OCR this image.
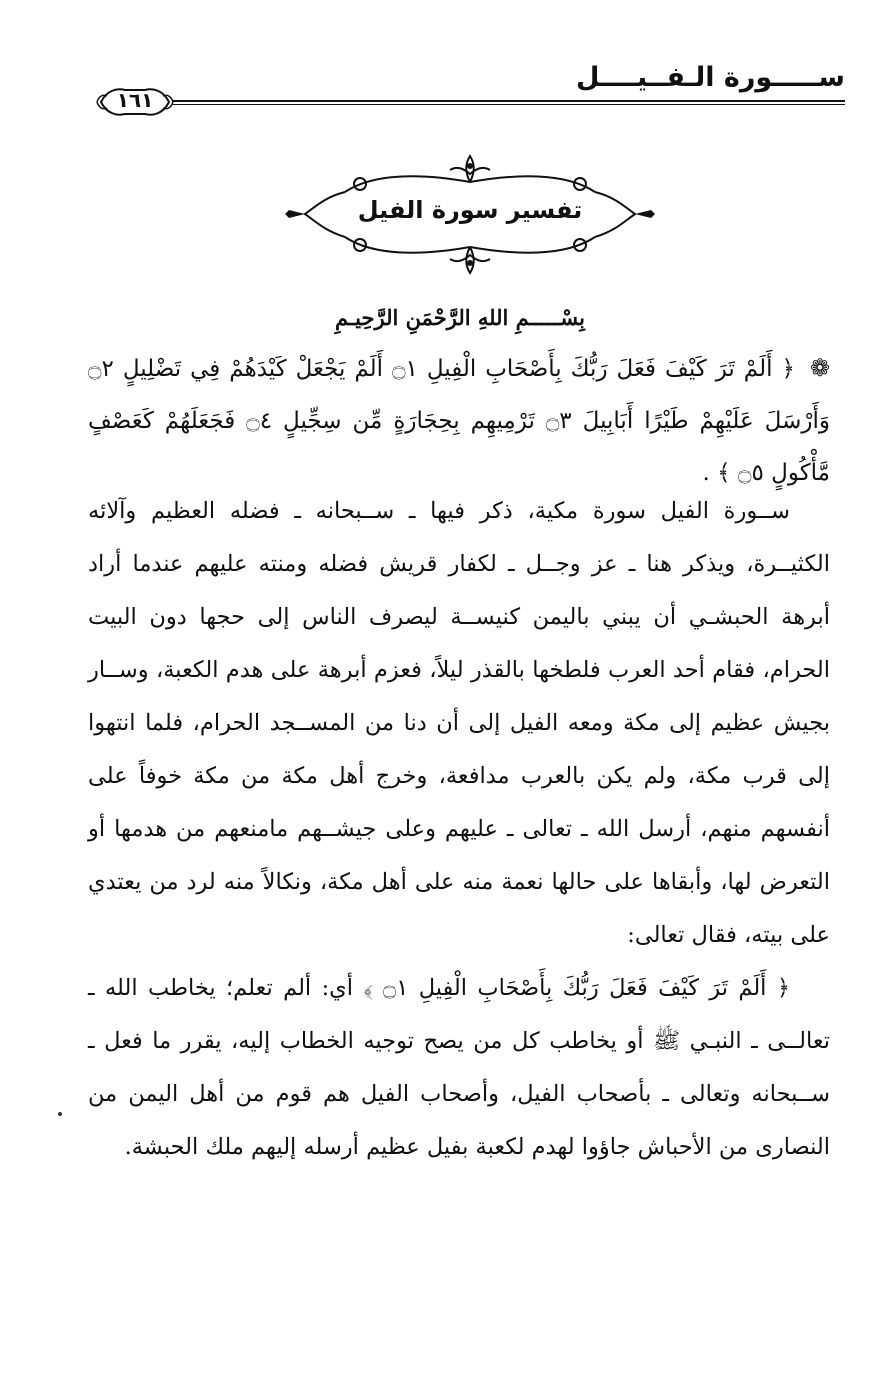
ســـــورة الـفــيــــل
١٦١
تفسير سورة الفيل
بِسْـــــمِ اللهِ الرَّحْمَنِ الرَّحِيـمِ
❁ ﴿ أَلَمْ تَرَ كَيْفَ فَعَلَ رَبُّكَ بِأَصْحَابِ الْفِيلِ ۝١ أَلَمْ يَجْعَلْ كَيْدَهُمْ فِي تَضْلِيلٍ ۝٢ وَأَرْسَلَ عَلَيْهِمْ طَيْرًا أَبَابِيلَ ۝٣ تَرْمِيهِم بِحِجَارَةٍ مِّن سِجِّيلٍ ۝٤ فَجَعَلَهُمْ كَعَصْفٍ مَّأْكُولٍ ۝٥ ﴾ .

ســورة الفيل سورة مكية، ذكر فيها ـ ســبحانه ـ فضله العظيم وآلائه الكثيــرة، ويذكر هنا ـ عز وجــل ـ لكفار قريش فضله ومنته عليهم عندما أراد أبرهة الحبشـي أن يبني باليمن كنيســة ليصرف الناس إلى حجها دون البيت الحرام، فقام أحد العرب فلطخها بالقذر ليلاً، فعزم أبرهة على هدم الكعبة، وســار بجيش عظيم إلى مكة ومعه الفيل إلى أن دنا من المســجد الحرام، فلما انتهوا إلى قرب مكة، ولم يكن بالعرب مدافعة، وخرج أهل مكة من مكة خوفاً على أنفسهم منهم، أرسل الله ـ تعالى ـ عليهم وعلى جيشــهم مامنعهم من هدمها أو التعرض لها، وأبقاها على حالها نعمة منه على أهل مكة، ونكالاً منه لرد من يعتدي على بيته، فقال تعالى:

﴿ أَلَمْ تَرَ كَيْفَ فَعَلَ رَبُّكَ بِأَصْحَابِ الْفِيلِ ۝١ ﴾ أي: ألم تعلم؛ يخاطب الله ـ تعالــى ـ النبـي ﷺ أو يخاطب كل من يصح توجيه الخطاب إليه، يقرر ما فعل ـ ســبحانه وتعالى ـ بأصحاب الفيل، وأصحاب الفيل هم قوم من أهل اليمن من النصارى من الأحباش جاؤوا لهدم لكعبة بفيل عظيم أرسله إليهم ملك الحبشة.
